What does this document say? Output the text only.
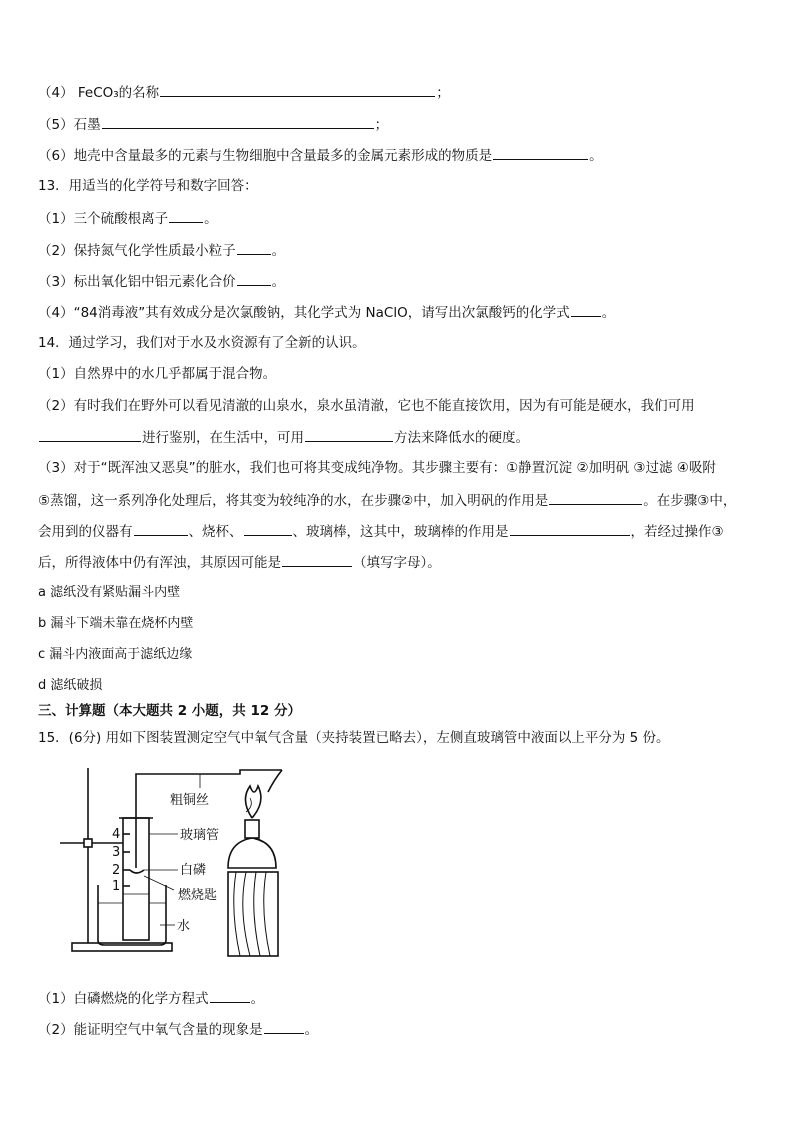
（4） FeCO₃的名称	；
（5）石墨	；
（6）地壳中含量最多的元素与生物细胞中含量最多的金属元素形成的物质是	。
13．用适当的化学符号和数字回答：
（1）三个硫酸根离子	。
（2）保持氮气化学性质最小粒子	。
（3）标出氧化铝中铝元素化合价	。
（4）“84消毒液”其有效成分是次氯酸钠，其化学式为 NaClO，请写出次氯酸钙的化学式 。
14．通过学习，我们对于水及水资源有了全新的认识。
（1）自然界中的水几乎都属于混合物。
（2）有时我们在野外可以看见清澈的山泉水，泉水虽清澈，它也不能直接饮用，因为有可能是硬水，我们可用
进行鉴别，在生活中，可用	方法来降低水的硬度。
（3）对于“既浑浊又恶臭”的脏水，我们也可将其变成纯净物。其步骤主要有：①静置沉淀 ②加明矾 ③过滤 ④吸附
⑤蒸馏，这一系列净化处理后，将其变为较纯净的水，在步骤②中，加入明矾的作用是	。在步骤③中，
会用到的仪器有	、烧杯、	、玻璃棒，这其中，玻璃棒的作用是	，若经过操作③
后，所得液体中仍有浑浊，其原因可能是	（填写字母）。
a 滤纸没有紧贴漏斗内壁
b 漏斗下端未靠在烧杯内壁
c 漏斗内液面高于滤纸边缘
d 滤纸破损
三、计算题（本大题共 2 小题，共 12 分）
15．(6分) 用如下图装置测定空气中氧气含量（夹持装置已略去），左侧直玻璃管中液面以上平分为 5 份。
4
3
2
1
粗铜丝
玻璃管
白磷
燃烧匙
水
（1）白磷燃烧的化学方程式	。
（2）能证明空气中氧气含量的现象是	。
